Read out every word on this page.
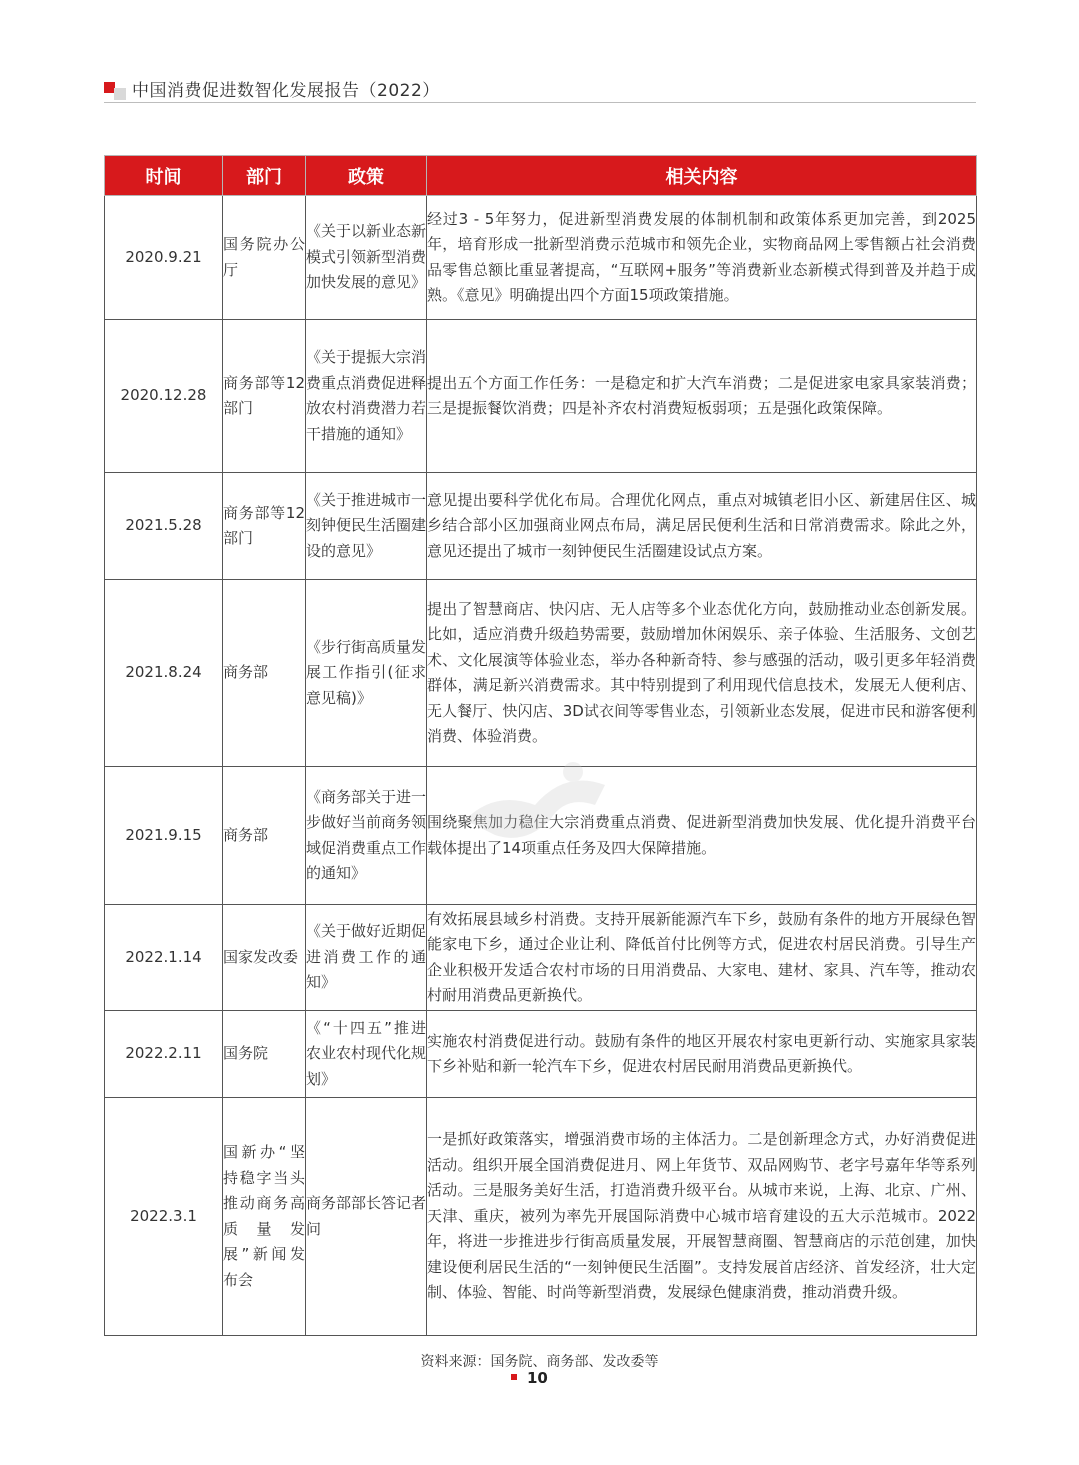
中国消费促进数智化发展报告（2022）
时间	部门	政策	相关内容
2020.9.21	国务院办公厅	《关于以新业态新模式引领新型消费加快发展的意见》	经过3 - 5年努力，促进新型消费发展的体制机制和政策体系更加完善，到2025年，培育形成一批新型消费示范城市和领先企业，实物商品网上零售额占社会消费品零售总额比重显著提高，“互联网+服务”等消费新业态新模式得到普及并趋于成熟。《意见》明确提出四个方面15项政策措施。
2020.12.28	商务部等12部门	《关于提振大宗消费重点消费促进释放农村消费潜力若干措施的通知》	提出五个方面工作任务：一是稳定和扩大汽车消费；二是促进家电家具家装消费；三是提振餐饮消费；四是补齐农村消费短板弱项；五是强化政策保障。
2021.5.28	商务部等12部门	《关于推进城市一刻钟便民生活圈建设的意见》	意见提出要科学优化布局。合理优化网点，重点对城镇老旧小区、新建居住区、城乡结合部小区加强商业网点布局，满足居民便利生活和日常消费需求。除此之外，意见还提出了城市一刻钟便民生活圈建设试点方案。
2021.8.24	商务部	《步行街高质量发展工作指引(征求意见稿)》	提出了智慧商店、快闪店、无人店等多个业态优化方向，鼓励推动业态创新发展。比如，适应消费升级趋势需要，鼓励增加休闲娱乐、亲子体验、生活服务、文创艺术、文化展演等体验业态，举办各种新奇特、参与感强的活动，吸引更多年轻消费群体，满足新兴消费需求。其中特别提到了利用现代信息技术，发展无人便利店、无人餐厅、快闪店、3D试衣间等零售业态，引领新业态发展，促进市民和游客便利消费、体验消费。
2021.9.15	商务部	《商务部关于进一步做好当前商务领域促消费重点工作的通知》	围绕聚焦加力稳住大宗消费重点消费、促进新型消费加快发展、优化提升消费平台载体提出了14项重点任务及四大保障措施。
2022.1.14	国家发改委	《关于做好近期促进消费工作的通知》	有效拓展县域乡村消费。支持开展新能源汽车下乡，鼓励有条件的地方开展绿色智能家电下乡，通过企业让利、降低首付比例等方式，促进农村居民消费。引导生产企业积极开发适合农村市场的日用消费品、大家电、建材、家具、汽车等，推动农村耐用消费品更新换代。
2022.2.11	国务院	《“十四五”推进农业农村现代化规划》	实施农村消费促进行动。鼓励有条件的地区开展农村家电更新行动、实施家具家装下乡补贴和新一轮汽车下乡，促进农村居民耐用消费品更新换代。
2022.3.1	国新办“坚持稳字当头推动商务高质量发展”新闻发布会	商务部部长答记者问	一是抓好政策落实，增强消费市场的主体活力。二是创新理念方式，办好消费促进活动。组织开展全国消费促进月、网上年货节、双品网购节、老字号嘉年华等系列活动。三是服务美好生活，打造消费升级平台。从城市来说，上海、北京、广州、天津、重庆，被列为率先开展国际消费中心城市培育建设的五大示范城市。2022年，将进一步推进步行街高质量发展，开展智慧商圈、智慧商店的示范创建，加快建设便利居民生活的“一刻钟便民生活圈”。支持发展首店经济、首发经济，壮大定制、体验、智能、时尚等新型消费，发展绿色健康消费，推动消费升级。
资料来源：国务院、商务部、发改委等
10
